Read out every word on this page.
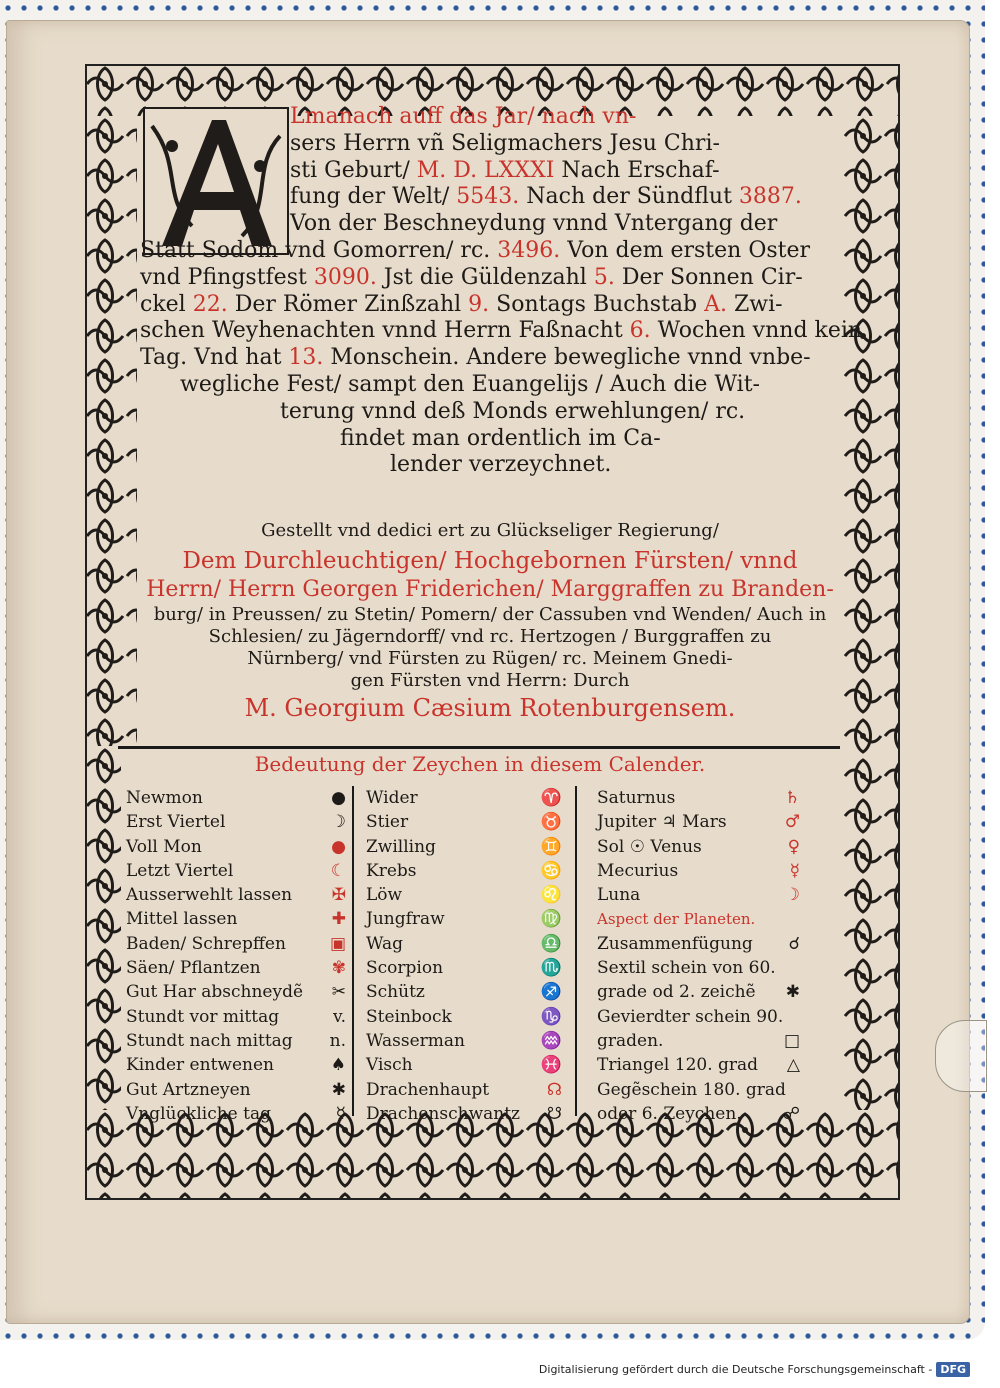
Lmanach auff das Jar/ nach vn-
sers Herrn vñ Seligmachers Jesu Chri-
sti Geburt/ M. D. LXXXI Nach Erschaf-
fung der Welt/ 5543. Nach der Sündflut 3887.
Von der Beschneydung vnnd Vntergang der
Stätt Sodom vnd Gomorren/ rc. 3496. Von dem ersten Oster
vnd Pfingstfest 3090. Jst die Güldenzahl 5. Der Sonnen Cir-
ckel 22. Der Römer Zinßzahl 9. Sontags Buchstab A. Zwi-
schen Weyhenachten vnnd Herrn Faßnacht 6. Wochen vnnd kein
Tag. Vnd hat 13. Monschein. Andere bewegliche vnnd vnbe-
wegliche Fest/ sampt den Euangelijs / Auch die Wit-
terung vnnd deß Monds erwehlungen/ rc.
findet man ordentlich im Ca-
lender verzeychnet.
Gestellt vnd dedici ert zu Glückseliger Regierung/
Dem Durchleuchtigen/ Hochgebornen Fürsten/ vnnd
Herrn/ Herrn Georgen Friderichen/ Marggraffen zu Branden-
burg/ in Preussen/ zu Stetin/ Pomern/ der Cassuben vnd Wenden/ Auch in
Schlesien/ zu Jägerndorff/ vnd rc. Hertzogen / Burggraffen zu
Nürnberg/ vnd Fürsten zu Rügen/ rc. Meinem Gnedi-
gen Fürsten vnd Herrn: Durch
M. Georgium Cæsium Rotenburgensem.
Bedeutung der Zeychen in diesem Calender.
Newmon	●
Erst Viertel	☽
Voll Mon	●
Letzt Viertel	☾
Ausserwehlt lassen ✠
Mittel lassen	✚
Baden/ Schrepffen	▣
Säen/ Pflantzen	✾
Gut Har abschneydẽ ✂
Stundt vor mittag	v.
Stundt nach mittag n.
Kinder entwenen	♠
Gut Artzneyen	✱
Vnglückliche tag	☿
Wider	♈
Stier	♉
Zwilling	♊
Krebs	♋
Löw	♌
Jungfraw	♍
Wag	♎
Scorpion	♏
Schütz	♐
Steinbock	♑
Wasserman	♒
Visch	♓
Drachenhaupt	☊
Drachenschwantz ☋
Saturnus	♄
Jupiter ♃ Mars	♂
Sol ☉ Venus	♀
Mecurius	☿
Luna	☽
Aspect der Planeten.
Zusammenfügung ☌
Sextil schein von 60.
grade od 2. zeichẽ ✱
Gevierdter schein 90.
graden.	□
Triangel 120. grad △
Gegẽschein 180. grad
oder 6. Zeychen. ☍
Digitalisierung gefördert durch die Deutsche Forschungsgemeinschaft - DFG
